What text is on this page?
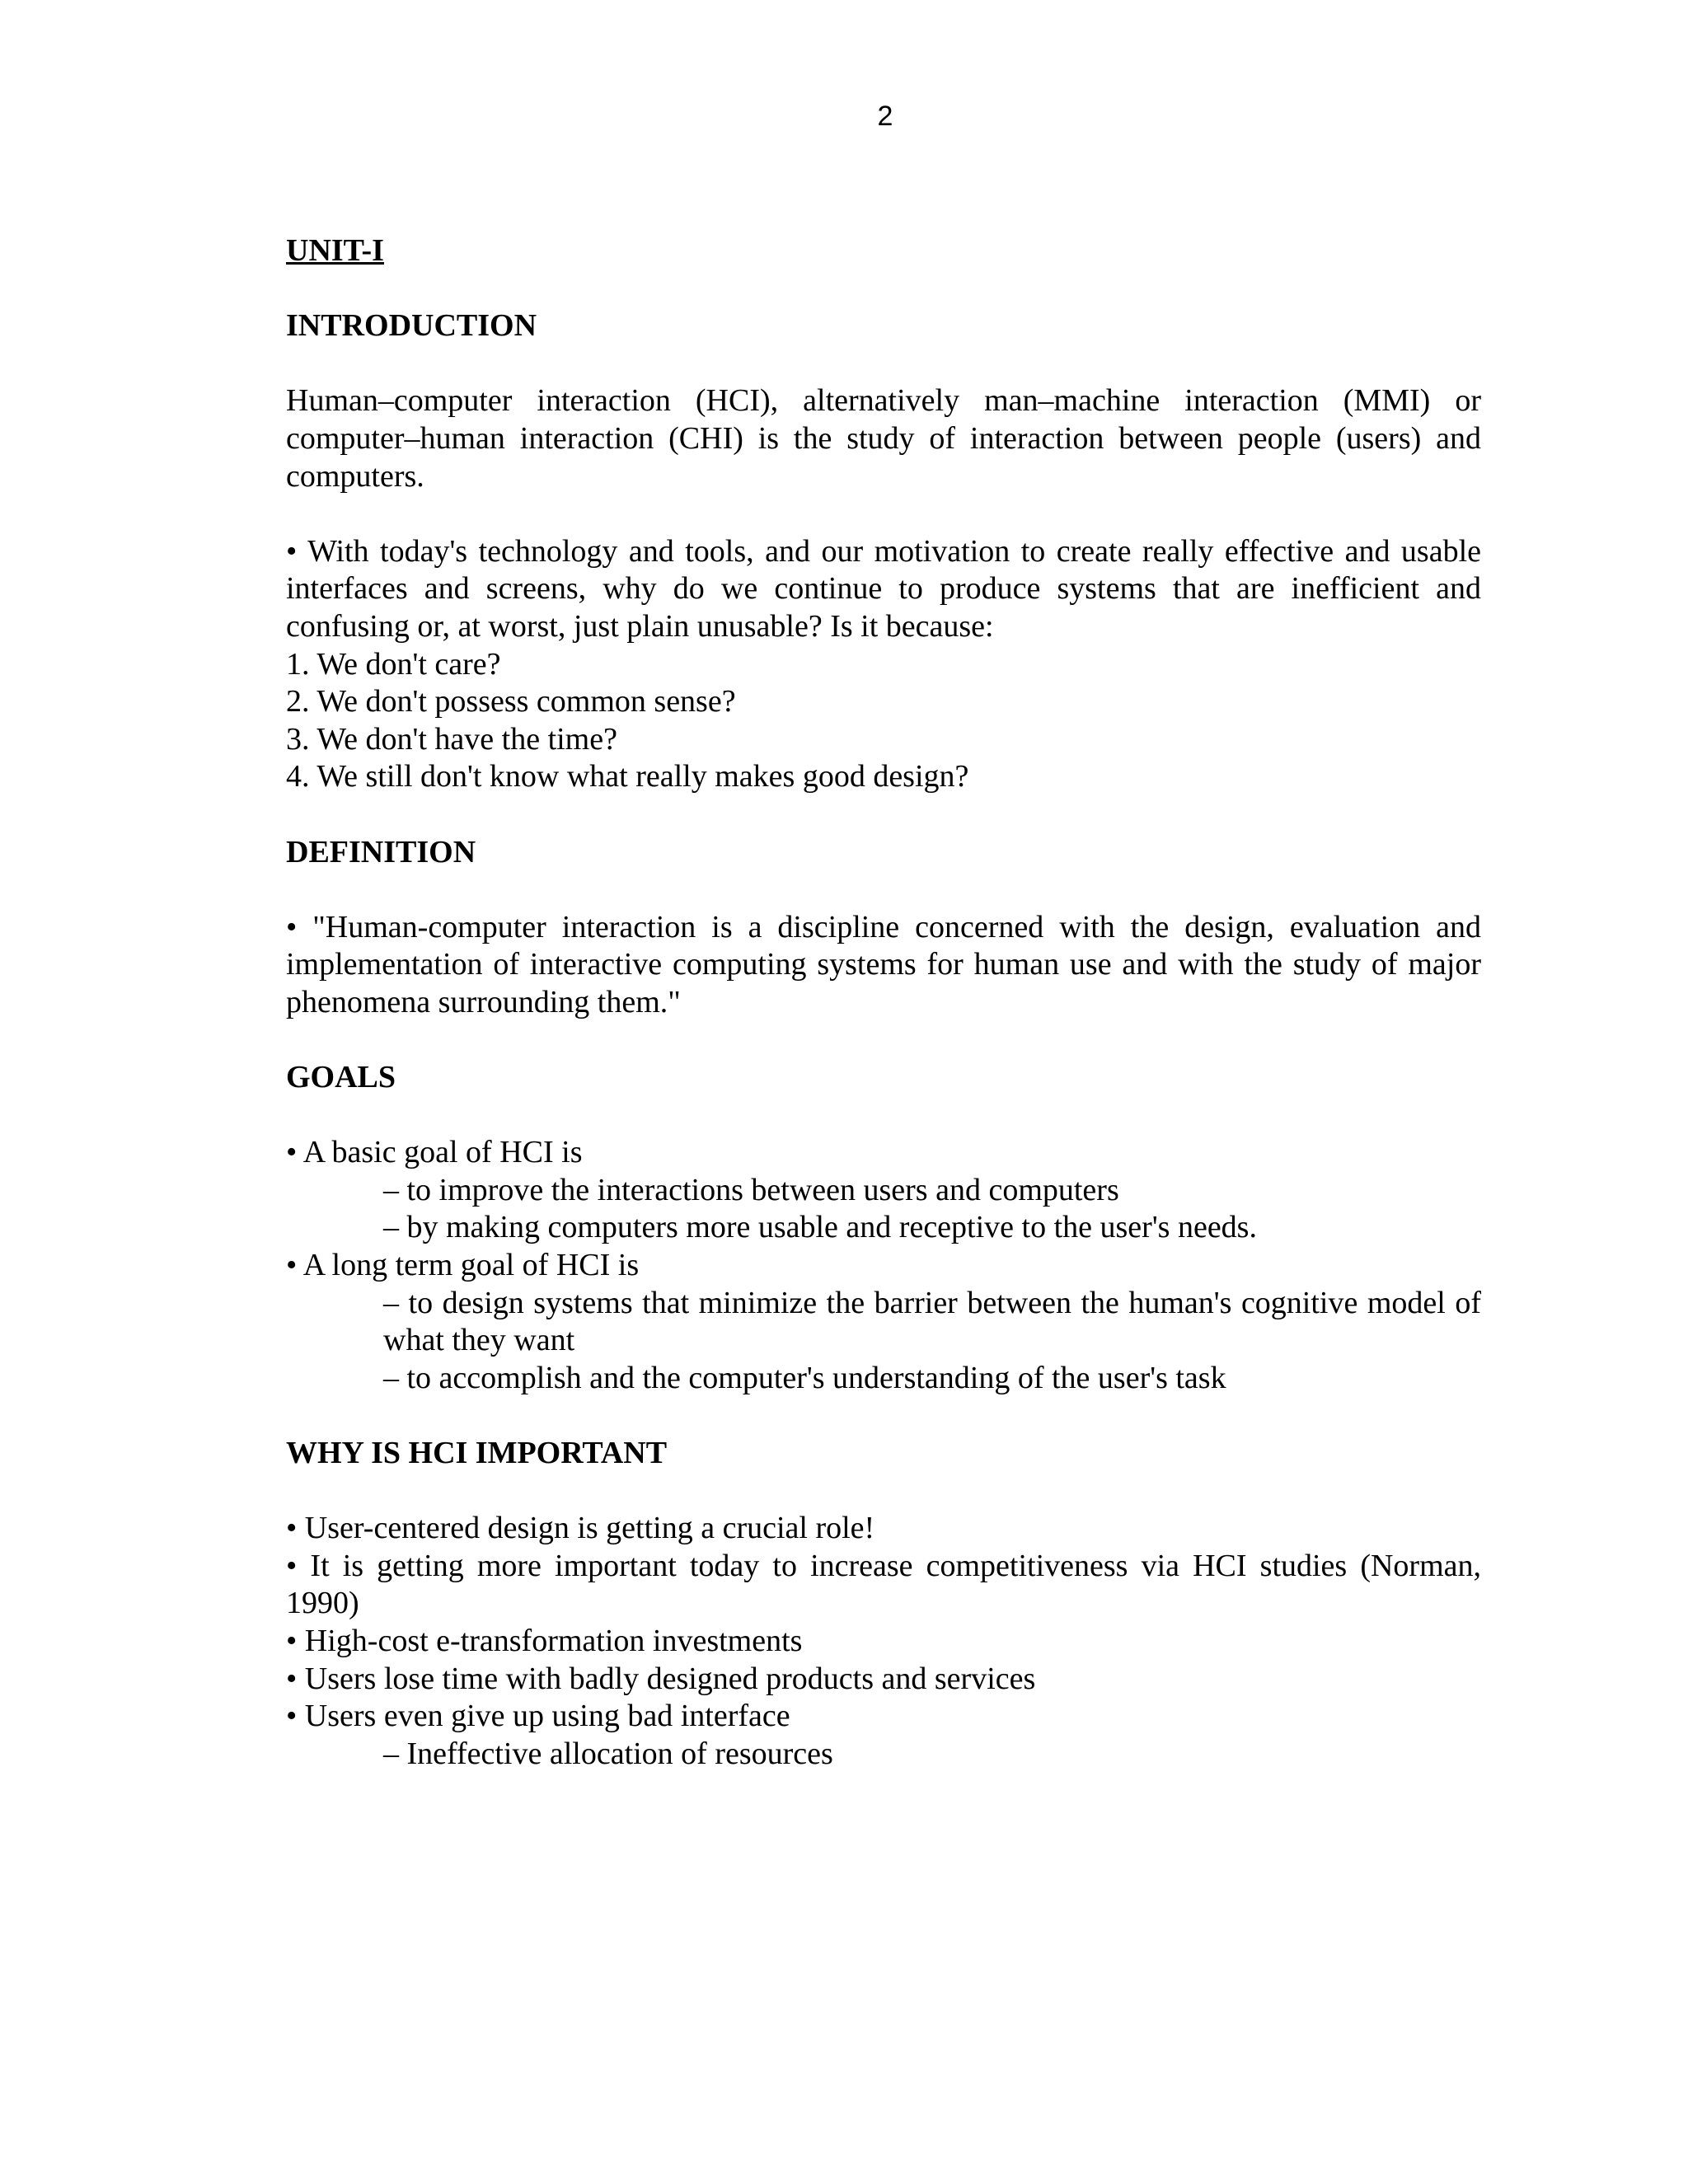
2
UNIT-I
INTRODUCTION

Human–computer interaction (HCI), alternatively man–machine interaction (MMI) or computer–human interaction (CHI) is the study of interaction between people (users) and computers.

• With today's technology and tools, and our motivation to create really effective and usable interfaces and screens, why do we continue to produce systems that are inefficient and confusing or, at worst, just plain unusable? Is it because:

1. We don't care?

2. We don't possess common sense?

3. We don't have the time?

4. We still don't know what really makes good design?

DEFINITION

• "Human-computer interaction is a discipline concerned with the design, evaluation and implementation of interactive computing systems for human use and with the study of major phenomena surrounding them."

GOALS

• A basic goal of HCI is

– to improve the interactions between users and computers

– by making computers more usable and receptive to the user's needs.

• A long term goal of HCI is

– to design systems that minimize the barrier between the human's cognitive model of what they want

– to accomplish and the computer's understanding of the user's task

WHY IS HCI IMPORTANT

• User-centered design is getting a crucial role!

• It is getting more important today to increase competitiveness via HCI studies (Norman, 1990)

• High-cost e-transformation investments

• Users lose time with badly designed products and services

• Users even give up using bad interface

– Ineffective allocation of resources
